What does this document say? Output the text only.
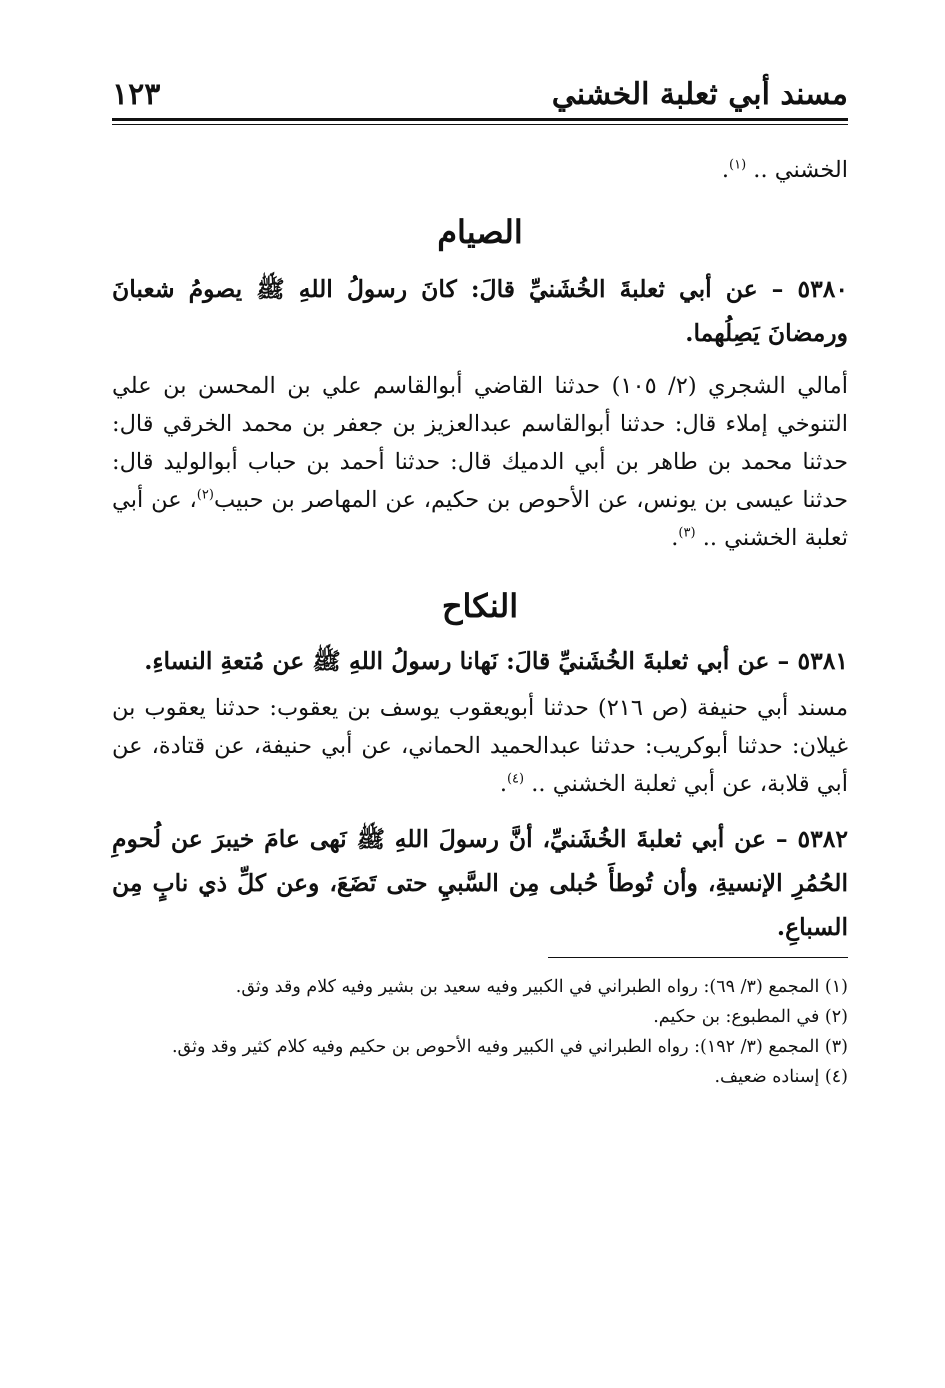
مسند أبي ثعلبة الخشني
١٢٣

الخشني .. $^{(١)}$.

الصيام

٥٣٨٠ – عن أبي ثعلبةَ الخُشَنيِّ قالَ: كانَ رسولُ اللهِ ﷺ يصومُ شعبانَ ورمضانَ يَصِلُهما.

أمالي الشجري (٢/ ١٠٥) حدثنا القاضي أبوالقاسم علي بن المحسن بن علي التنوخي إملاء قال: حدثنا أبوالقاسم عبدالعزيز بن جعفر بن محمد الخرقي قال: حدثنا محمد بن طاهر بن أبي الدميك قال: حدثنا أحمد بن حباب أبوالوليد قال: حدثنا عيسى بن يونس، عن الأحوص بن حكيم، عن المهاصر بن حبيب$^{(٢)}$، عن أبي ثعلبة الخشني .. $^{(٣)}$.

النكاح

٥٣٨١ – عن أبي ثعلبةَ الخُشَنيِّ قالَ: نَهانا رسولُ اللهِ ﷺ عن مُتعةِ النساءِ.

مسند أبي حنيفة (ص ٢١٦) حدثنا أبويعقوب يوسف بن يعقوب: حدثنا يعقوب بن غيلان: حدثنا أبوكريب: حدثنا عبدالحميد الحماني، عن أبي حنيفة، عن قتادة، عن أبي قلابة، عن أبي ثعلبة الخشني .. $^{(٤)}$.

٥٣٨٢ – عن أبي ثعلبةَ الخُشَنيِّ، أنَّ رسولَ اللهِ ﷺ نَهى عامَ خيبرَ عن لُحومِ الحُمُرِ الإنسيةِ، وأن تُوطأَ حُبلى مِن السَّبيِ حتى تَضَعَ، وعن كلِّ ذي نابٍ مِن السباعِ.

(١) المجمع (٣/ ٦٩): رواه الطبراني في الكبير وفيه سعيد بن بشير وفيه كلام وقد وثق.

(٢) في المطبوع: بن حكيم.

(٣) المجمع (٣/ ١٩٢): رواه الطبراني في الكبير وفيه الأحوص بن حكيم وفيه كلام كثير وقد وثق.

(٤) إسناده ضعيف.
